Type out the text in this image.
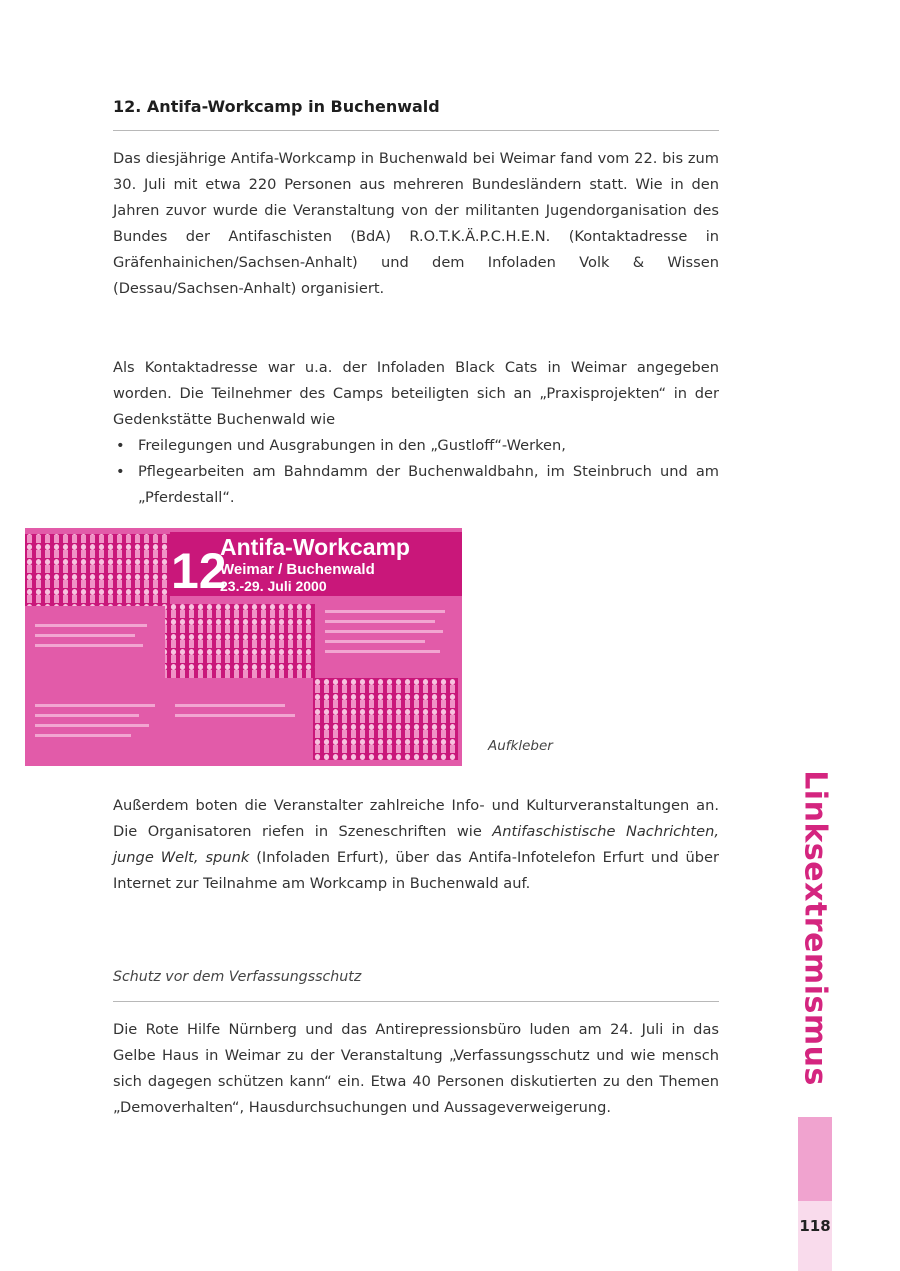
12. Antifa-Workcamp in Buchenwald

Das diesjährige Antifa-Workcamp in Buchenwald bei Weimar fand vom 22. bis zum 30. Juli mit etwa 220 Personen aus mehreren Bundesländern statt. Wie in den Jahren zuvor wurde die Veranstaltung von der militanten Jugendorganisation des Bundes der Antifaschisten (BdA) R.O.T.K.Ä.P.C.H.E.N. (Kontaktadresse in Gräfenhainichen/Sachsen-Anhalt) und dem Infoladen Volk & Wissen (Dessau/Sachsen-Anhalt) organisiert.

Als Kontaktadresse war u.a. der Infoladen Black Cats in Weimar angegeben worden. Die Teilnehmer des Camps beteiligten sich an „Praxisprojekten“ in der Gedenkstätte Buchenwald wie

• Freilegungen und Ausgrabungen in den „Gustloff“-Werken,
• Pflegearbeiten am Bahndamm der Buchenwaldbahn, im Steinbruch und am „Pferdestall“.
12
Antifa-Workcamp
Weimar / Buchenwald
23.-29. Juli 2000
Aufkleber

Außerdem boten die Veranstalter zahlreiche Info- und Kulturveranstaltungen an. Die Organisatoren riefen in Szeneschriften wie Antifaschistische Nachrichten, junge Welt, spunk (Infoladen Erfurt), über das Antifa-Infotelefon Erfurt und über Internet zur Teilnahme am Workcamp in Buchenwald auf.

Schutz vor dem Verfassungsschutz

Die Rote Hilfe Nürnberg und das Antirepressionsbüro luden am 24. Juli in das Gelbe Haus in Weimar zu der Veranstaltung „Verfassungsschutz und wie mensch sich dagegen schützen kann“ ein. Etwa 40 Personen diskutierten zu den Themen „Demoverhalten“, Hausdurchsuchungen und Aussageverweigerung.

Linksextremismus
118
